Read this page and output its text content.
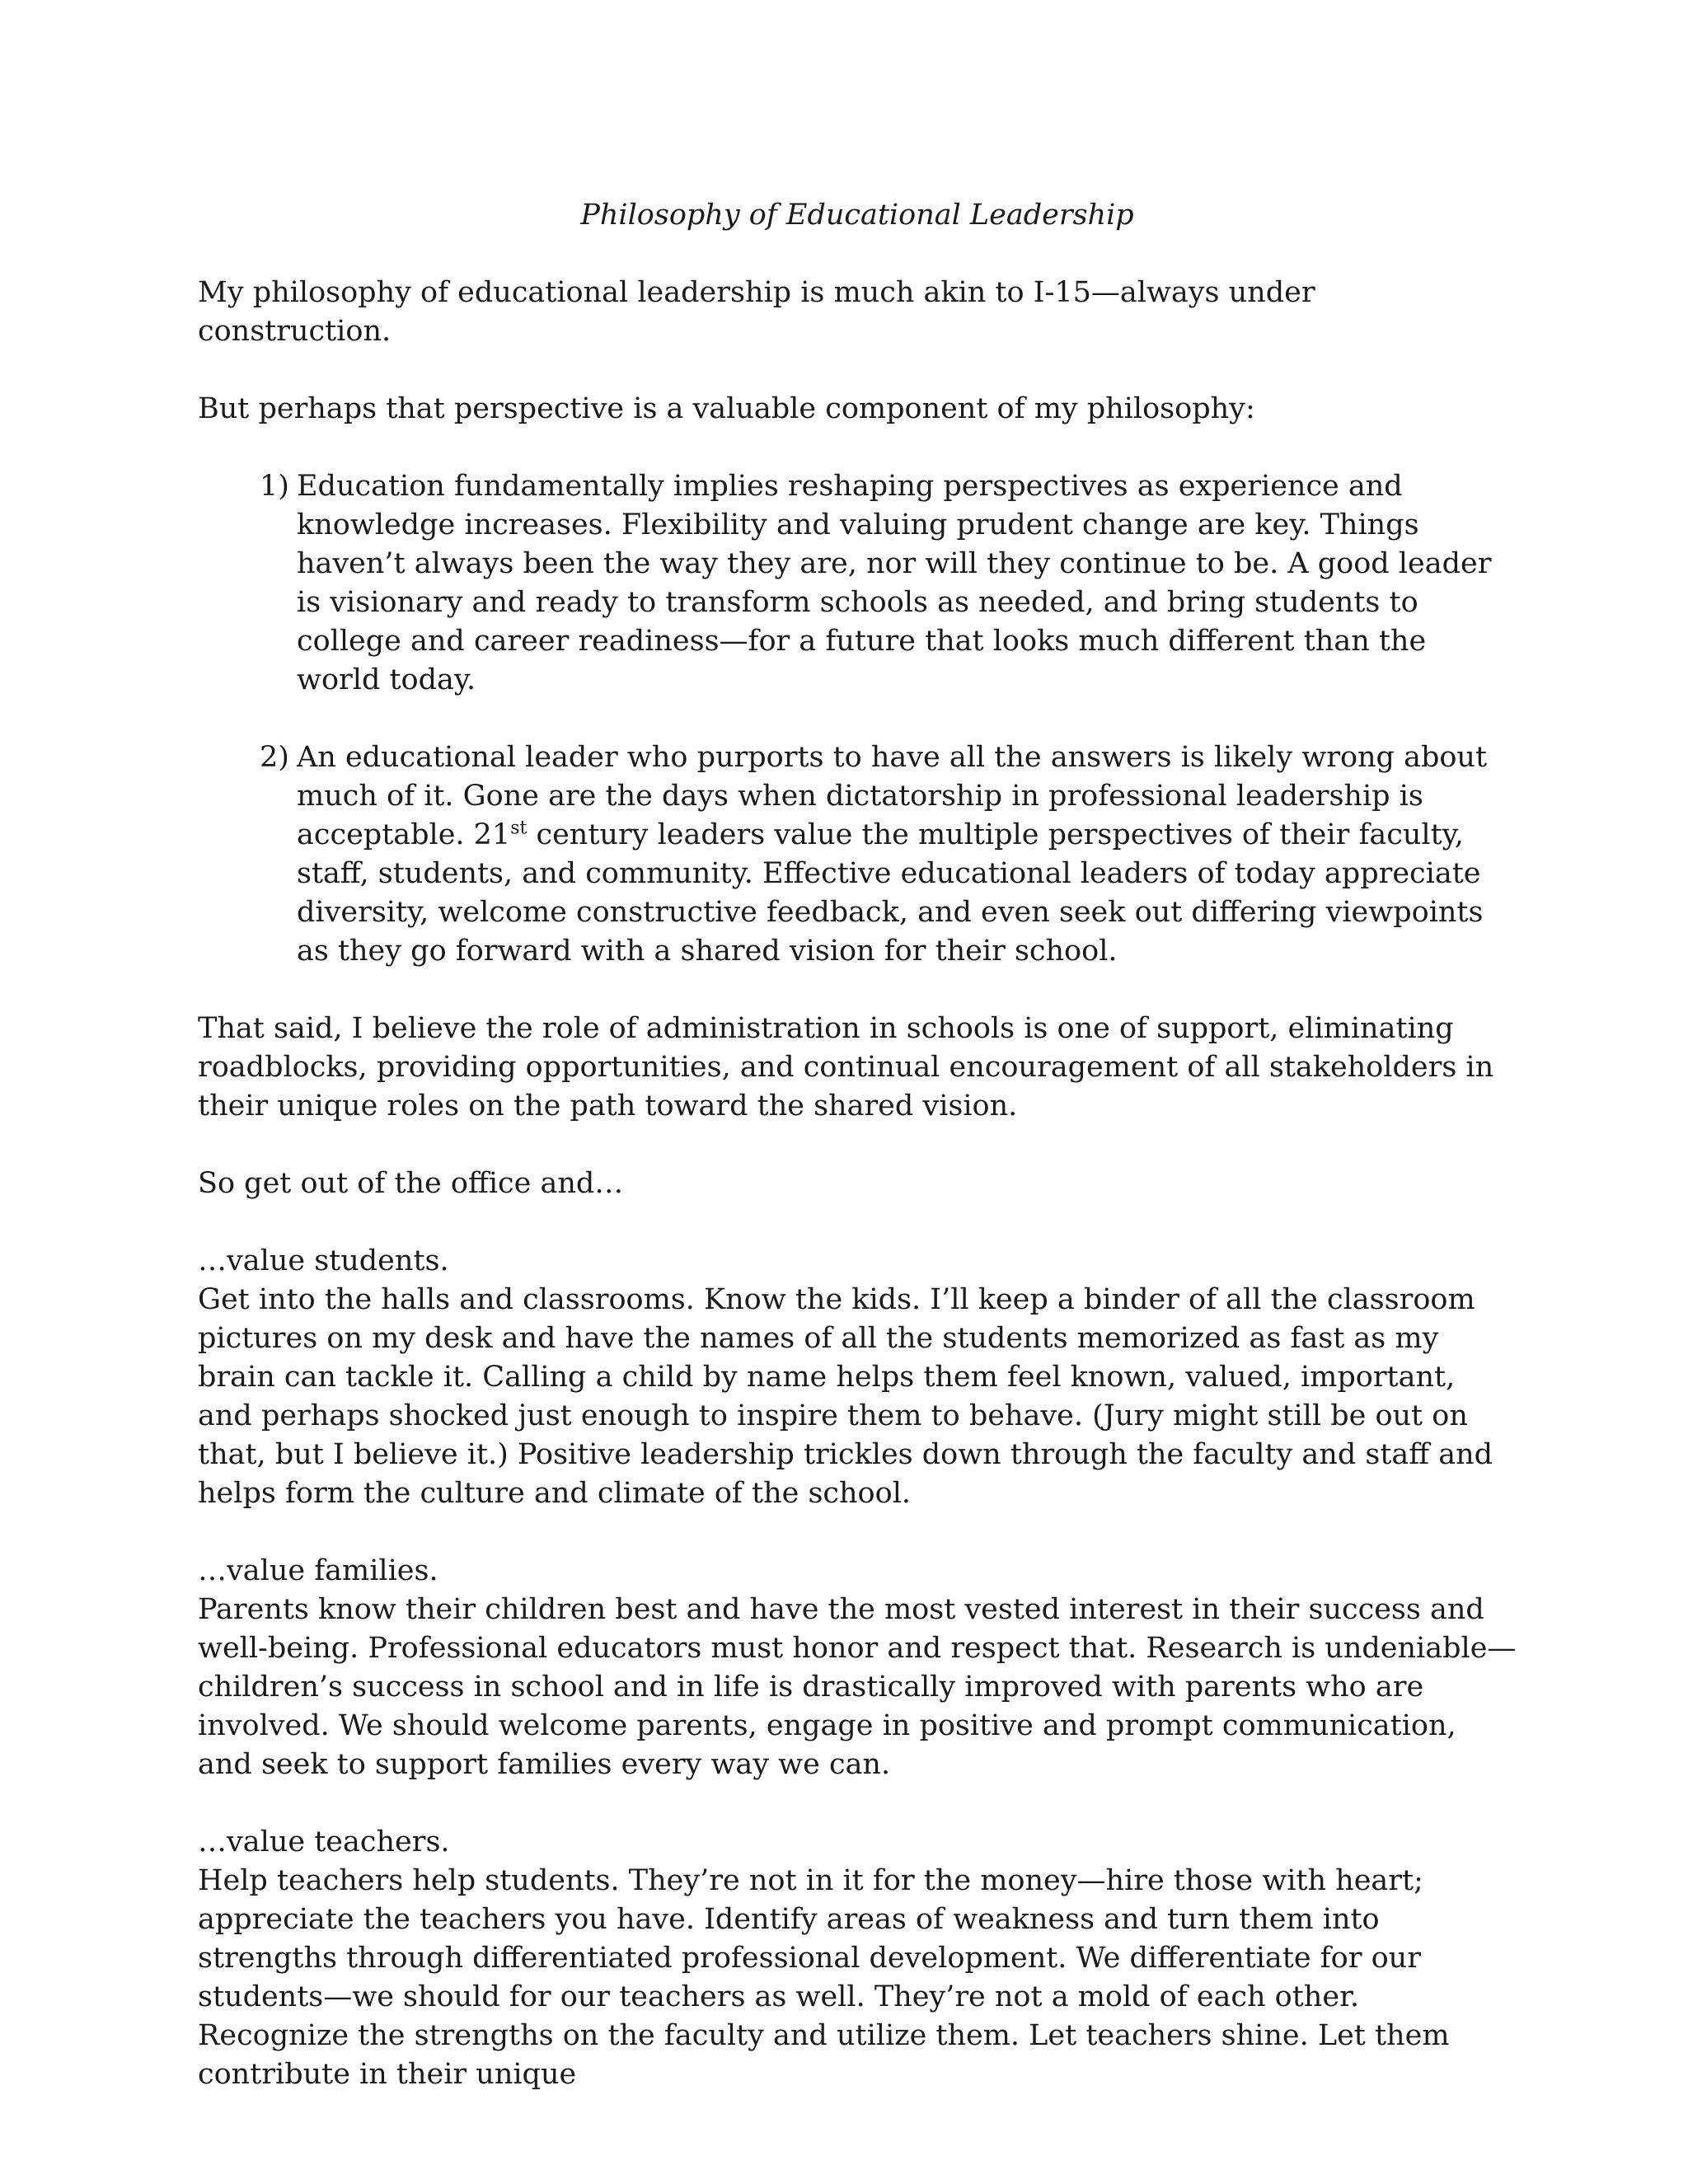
Philosophy of Educational Leadership

My philosophy of educational leadership is much akin to I-15—always under construction.

But perhaps that perspective is a valuable component of my philosophy:

1) Education fundamentally implies reshaping perspectives as experience and knowledge increases. Flexibility and valuing prudent change are key. Things haven’t always been the way they are, nor will they continue to be. A good leader is visionary and ready to transform schools as needed, and bring students to college and career readiness—for a future that looks much different than the world today.
2) An educational leader who purports to have all the answers is likely wrong about much of it. Gone are the days when dictatorship in professional leadership is acceptable. 21st century leaders value the multiple perspectives of their faculty, staff, students, and community. Effective educational leaders of today appreciate diversity, welcome constructive feedback, and even seek out differing viewpoints as they go forward with a shared vision for their school.

That said, I believe the role of administration in schools is one of support, eliminating roadblocks, providing opportunities, and continual encouragement of all stakeholders in their unique roles on the path toward the shared vision.

So get out of the office and…

…value students.

Get into the halls and classrooms. Know the kids. I’ll keep a binder of all the classroom pictures on my desk and have the names of all the students memorized as fast as my brain can tackle it. Calling a child by name helps them feel known, valued, important, and perhaps shocked just enough to inspire them to behave. (Jury might still be out on that, but I believe it.) Positive leadership trickles down through the faculty and staff and helps form the culture and climate of the school.

…value families.

Parents know their children best and have the most vested interest in their success and well-being. Professional educators must honor and respect that. Research is undeniable—children’s success in school and in life is drastically improved with parents who are involved. We should welcome parents, engage in positive and prompt communication, and seek to support families every way we can.

…value teachers.

Help teachers help students. They’re not in it for the money—hire those with heart; appreciate the teachers you have. Identify areas of weakness and turn them into strengths through differentiated professional development. We differentiate for our students—we should for our teachers as well. They’re not a mold of each other. Recognize the strengths on the faculty and utilize them. Let teachers shine. Let them contribute in their unique
